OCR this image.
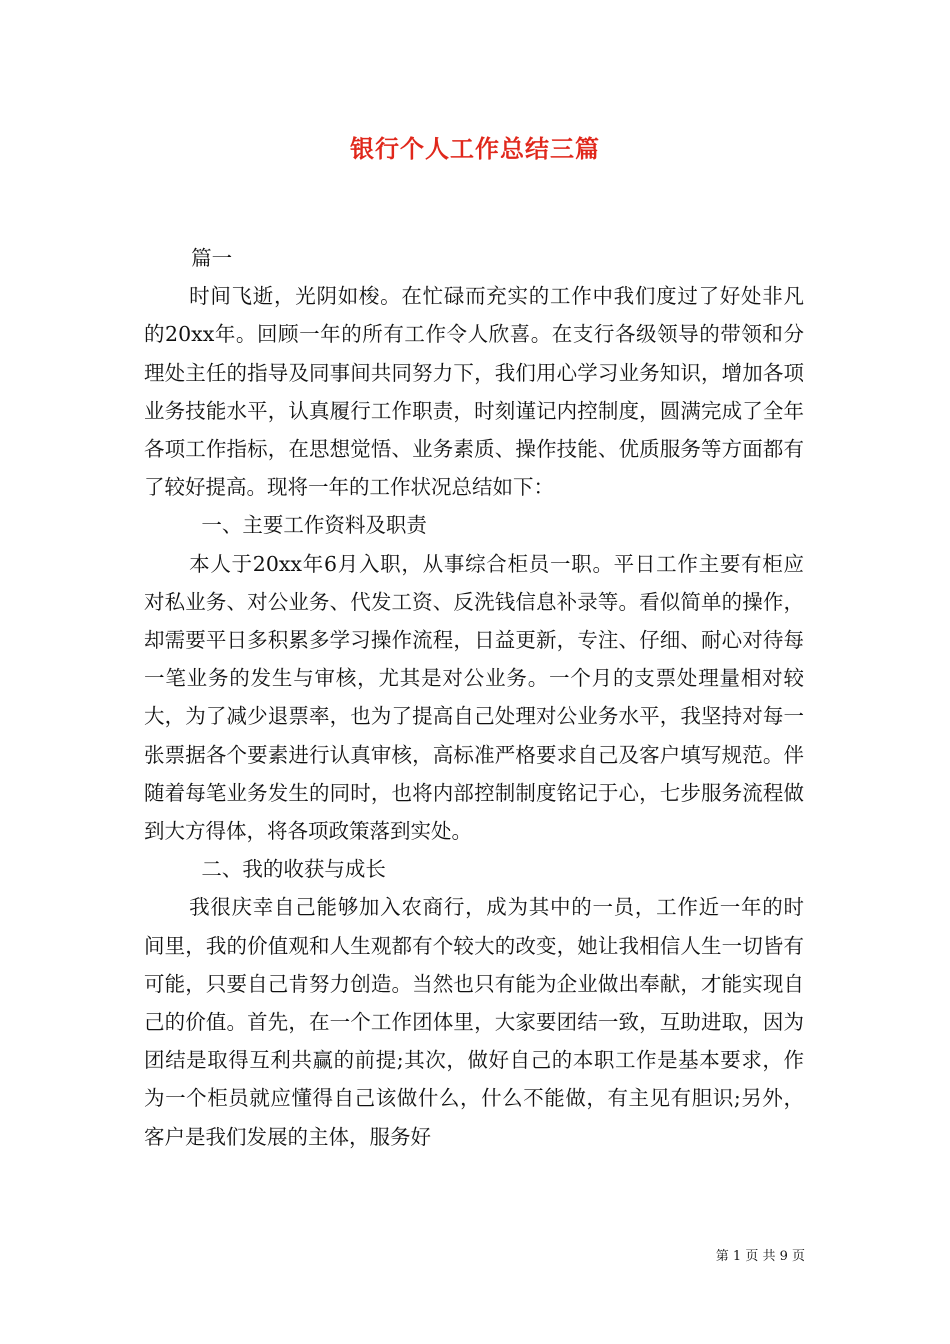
银行个人工作总结三篇

篇一

时间飞逝，光阴如梭。在忙碌而充实的工作中我们度过了好处非凡的20xx年。回顾一年的所有工作令人欣喜。在支行各级领导的带领和分理处主任的指导及同事间共同努力下，我们用心学习业务知识，增加各项业务技能水平，认真履行工作职责，时刻谨记内控制度，圆满完成了全年各项工作指标，在思想觉悟、业务素质、操作技能、优质服务等方面都有了较好提高。现将一年的工作状况总结如下：

一、主要工作资料及职责

本人于20xx年6月入职，从事综合柜员一职。平日工作主要有柜应对私业务、对公业务、代发工资、反洗钱信息补录等。看似简单的操作，却需要平日多积累多学习操作流程，日益更新，专注、仔细、耐心对待每一笔业务的发生与审核，尤其是对公业务。一个月的支票处理量相对较大，为了减少退票率，也为了提高自己处理对公业务水平，我坚持对每一张票据各个要素进行认真审核，高标准严格要求自己及客户填写规范。伴随着每笔业务发生的同时，也将内部控制制度铭记于心，七步服务流程做到大方得体，将各项政策落到实处。

二、我的收获与成长

我很庆幸自己能够加入农商行，成为其中的一员，工作近一年的时间里，我的价值观和人生观都有个较大的改变，她让我相信人生一切皆有可能，只要自己肯努力创造。当然也只有能为企业做出奉献，才能实现自己的价值。首先，在一个工作团体里，大家要团结一致，互助进取，因为团结是取得互利共赢的前提;其次，做好自己的本职工作是基本要求，作为一个柜员就应懂得自己该做什么，什么不能做，有主见有胆识;另外，客户是我们发展的主体，服务好

第 1 页 共 9 页
